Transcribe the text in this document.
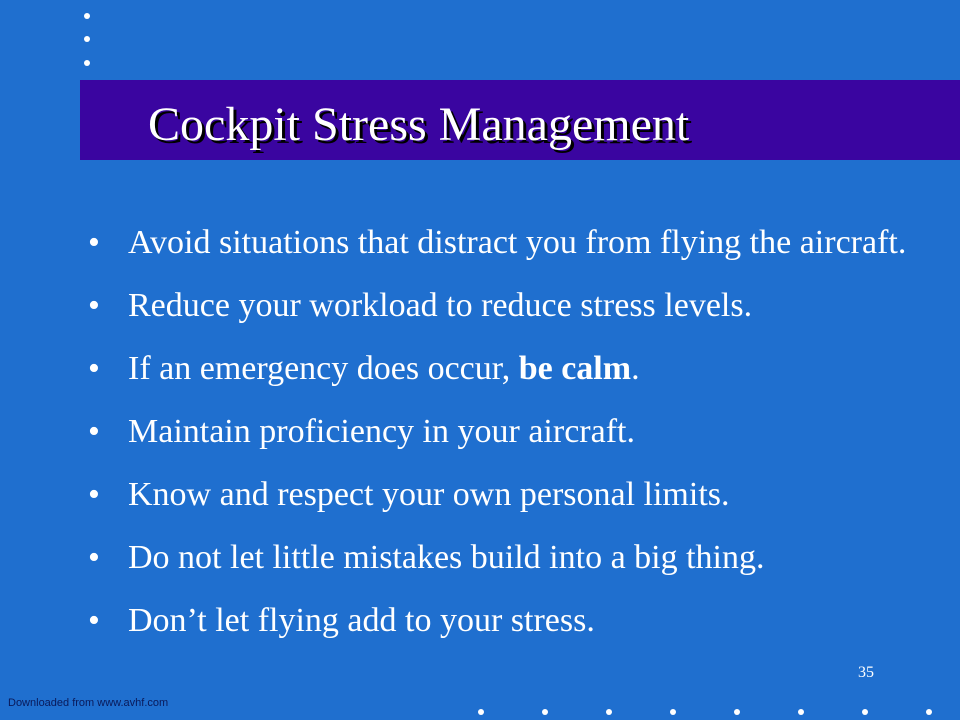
Cockpit Stress Management
• Avoid situations that distract you from flying the aircraft.
• Reduce your workload to reduce stress levels.
• If an emergency does occur, be calm.
• Maintain proficiency in your aircraft.
• Know and respect your own personal limits.
• Do not let little mistakes build into a big thing.
• Don’t let flying add to your stress.
35
Downloaded from www.avhf.com
